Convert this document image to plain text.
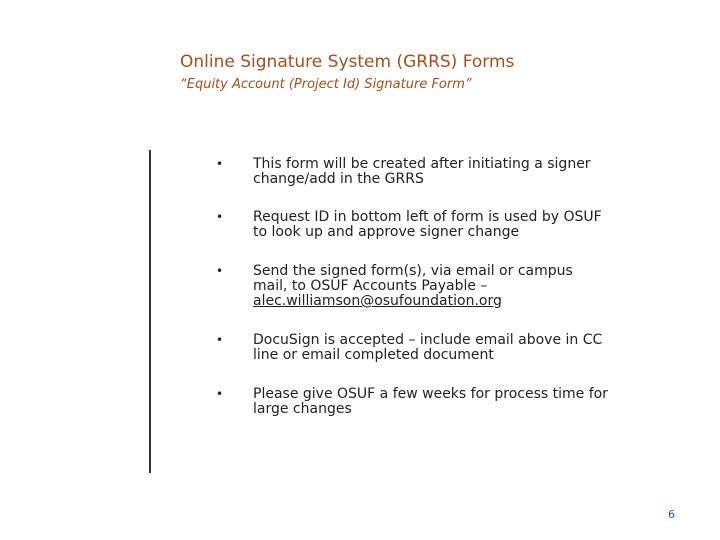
Online Signature System (GRRS) Forms
“Equity Account (Project Id) Signature Form”
• This form will be created after initiating a signer
change/add in the GRRS
• Request ID in bottom left of form is used by OSUF
to look up and approve signer change
• Send the signed form(s), via email or campus
mail, to OSUF Accounts Payable –
alec.williamson@osufoundation.org
• DocuSign is accepted – include email above in CC
line or email completed document
• Please give OSUF a few weeks for process time for
large changes
6
